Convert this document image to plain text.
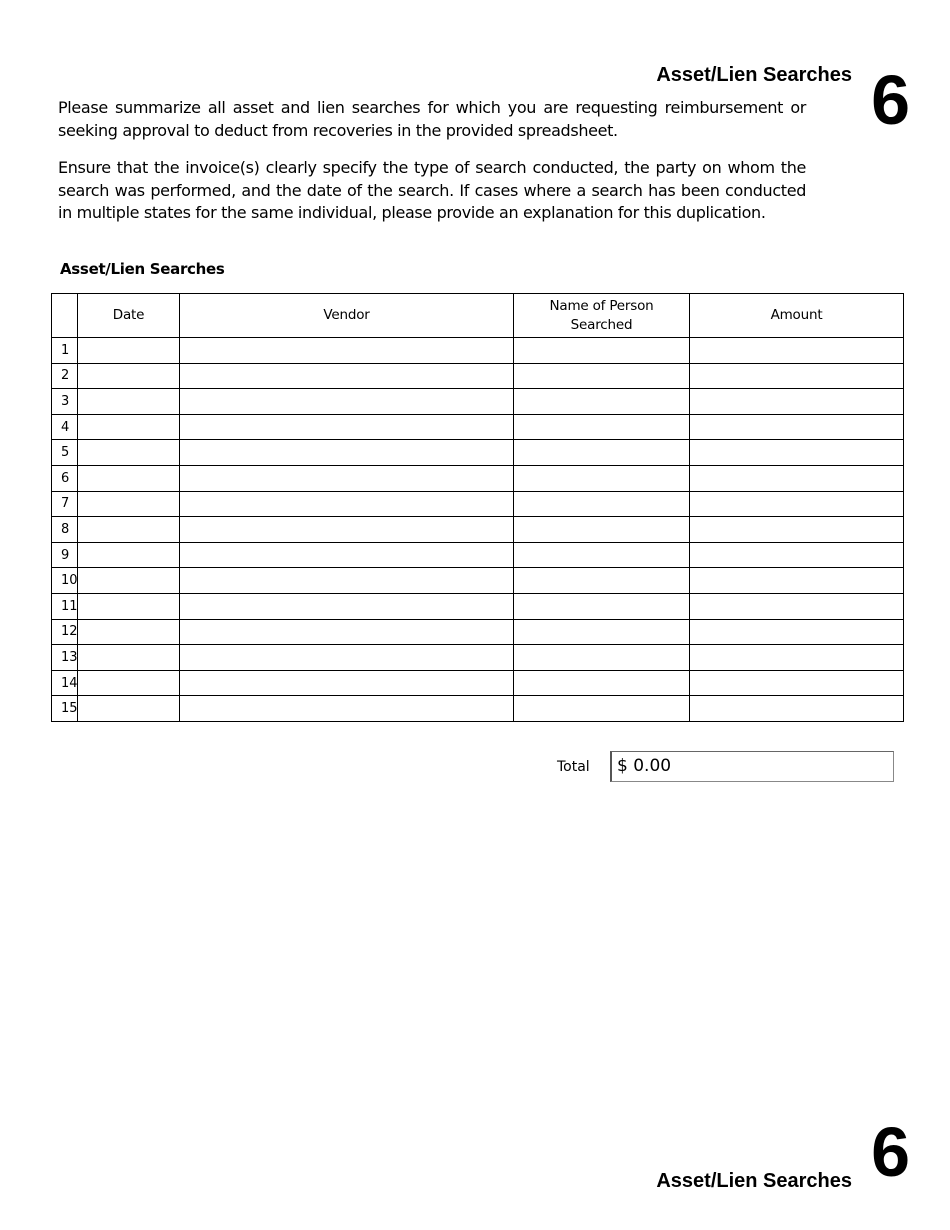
Asset/Lien Searches 6

Please summarize all asset and lien searches for which you are requesting reimbursement or seeking approval to deduct from recoveries in the provided spreadsheet.

Ensure that the invoice(s) clearly specify the type of search conducted, the party on whom the search was performed, and the date of the search. If cases where a search has been conducted in multiple states for the same individual, please provide an explanation for this duplication.

Asset/Lien Searches
	Date	Vendor	Name of Person Searched	Amount
1				
2				
3				
4				
5				
6				
7				
8				
9				
10				
11				
12				
13				
14				
15				
Total	$ 0.00
Asset/Lien Searches 6
